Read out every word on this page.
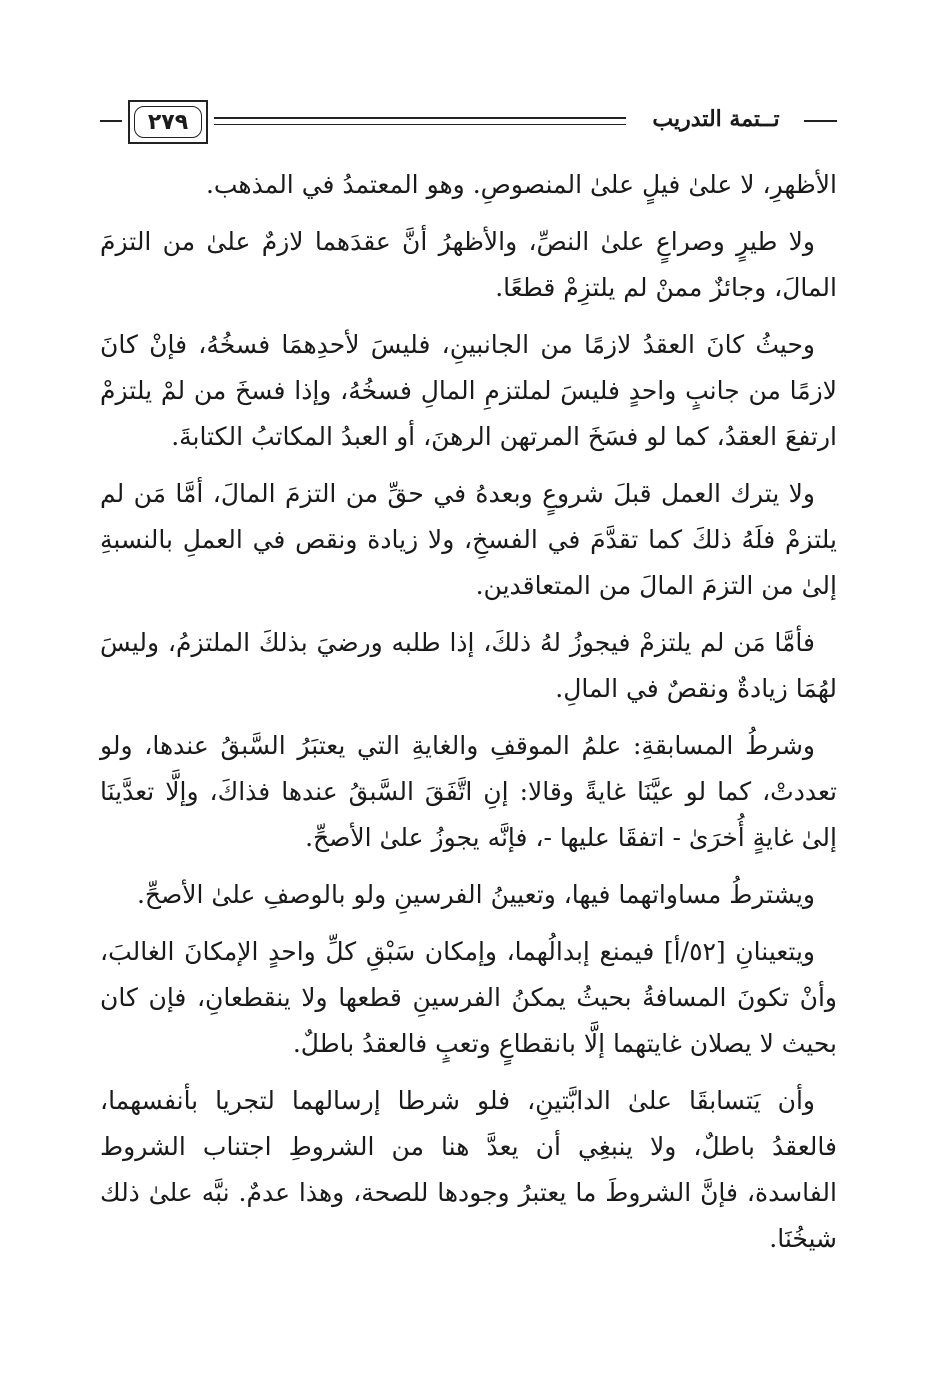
٢٧٩	تــتمة التدريب

الأظهرِ، لا علىٰ فيلٍ علىٰ المنصوصِ. وهو المعتمدُ في المذهب.

ولا طيرٍ وصراعٍ علىٰ النصِّ، والأظهرُ أنَّ عقدَهما لازمٌ علىٰ من التزمَ المالَ، وجائزٌ ممنْ لم يلتزِمْ قطعًا.

وحيثُ كانَ العقدُ لازمًا من الجانبينِ، فليسَ لأحدِهمَا فسخُهُ، فإنْ كانَ لازمًا من جانبٍ واحدٍ فليسَ لملتزمِ المالِ فسخُهُ، وإذا فسخَ من لمْ يلتزمْ ارتفعَ العقدُ، كما لو فسَخَ المرتهن الرهنَ، أو العبدُ المكاتبُ الكتابةَ.

ولا يترك العمل قبلَ شروعٍ وبعدهُ في حقِّ من التزمَ المالَ، أمَّا مَن لم يلتزمْ فلَهُ ذلكَ كما تقدَّمَ في الفسخِ، ولا زيادة ونقص في العملِ بالنسبةِ إلىٰ من التزمَ المالَ من المتعاقدين.

فأمَّا مَن لم يلتزمْ فيجوزُ لهُ ذلكَ، إذا طلبه ورضيَ بذلكَ الملتزمُ، وليسَ لهُمَا زيادةٌ ونقصٌ في المالِ.

وشرطُ المسابقةِ: علمُ الموقفِ والغايةِ التي يعتبَرُ السَّبقُ عندها، ولو تعددتْ، كما لو عيَّنَا غايةً وقالا: إنِ اتَّفَقَ السَّبقُ عندها فذاكَ، وإلَّا تعدَّينَا إلىٰ غايةٍ أُخرَىٰ - اتفقَا عليها -، فإنَّه يجوزُ علىٰ الأصحِّ.

ويشترطُ مساواتهما فيها، وتعيينُ الفرسينِ ولو بالوصفِ علىٰ الأصحِّ.

ويتعينانِ [٥٢/أ] فيمنع إبدالُهما، وإمكان سَبْقِ كلِّ واحدٍ الإمكانَ الغالبَ، وأنْ تكونَ المسافةُ بحيثُ يمكنُ الفرسينِ قطعها ولا ينقطعانِ، فإن كان بحيث لا يصلان غايتهما إلَّا بانقطاعٍ وتعبٍ فالعقدُ باطلٌ.

وأن يَتسابقَا علىٰ الدابَّتينِ، فلو شرطا إرسالهما لتجريا بأنفسهما، فالعقدُ باطلٌ، ولا ينبغِي أن يعدَّ هنا من الشروطِ اجتناب الشروط الفاسدة، فإنَّ الشروطَ ما يعتبرُ وجودها للصحة، وهذا عدمٌ. نبَّه علىٰ ذلك شيخُنَا.
